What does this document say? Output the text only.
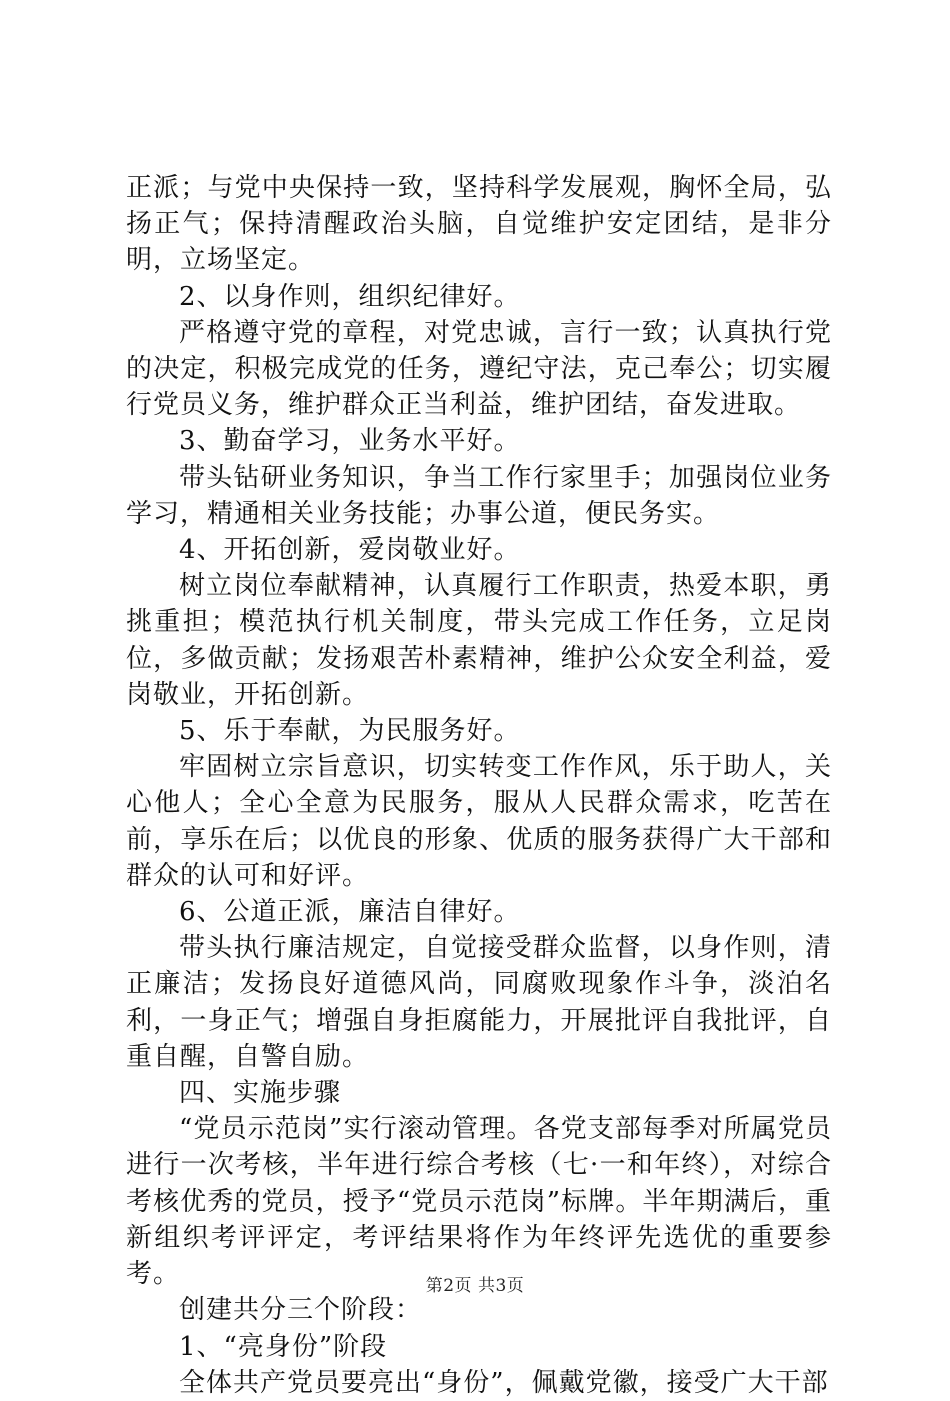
正派；与党中央保持一致，坚持科学发展观，胸怀全局，弘扬正气；保持清醒政治头脑，自觉维护安定团结，是非分明，立场坚定。

2、以身作则，组织纪律好。

严格遵守党的章程，对党忠诚，言行一致；认真执行党的决定，积极完成党的任务，遵纪守法，克己奉公；切实履行党员义务，维护群众正当利益，维护团结，奋发进取。

3、勤奋学习，业务水平好。

带头钻研业务知识，争当工作行家里手；加强岗位业务学习，精通相关业务技能；办事公道，便民务实。

4、开拓创新，爱岗敬业好。

树立岗位奉献精神，认真履行工作职责，热爱本职，勇挑重担；模范执行机关制度，带头完成工作任务，立足岗位，多做贡献；发扬艰苦朴素精神，维护公众安全利益，爱岗敬业，开拓创新。

5、乐于奉献，为民服务好。

牢固树立宗旨意识，切实转变工作作风，乐于助人，关心他人；全心全意为民服务，服从人民群众需求，吃苦在前，享乐在后；以优良的形象、优质的服务获得广大干部和群众的认可和好评。

6、公道正派，廉洁自律好。

带头执行廉洁规定，自觉接受群众监督，以身作则，清正廉洁；发扬良好道德风尚，同腐败现象作斗争，淡泊名利，一身正气；增强自身拒腐能力，开展批评自我批评，自重自醒，自警自励。

四、实施步骤

“党员示范岗”实行滚动管理。各党支部每季对所属党员进行一次考核，半年进行综合考核（七·一和年终），对综合考核优秀的党员，授予“党员示范岗”标牌。半年期满后，重新组织考评评定，考评结果将作为年终评先选优的重要参考。

创建共分三个阶段：

1、“亮身份”阶段

全体共产党员要亮出“身份”，佩戴党徽，接受广大干部

第2页 共3页
